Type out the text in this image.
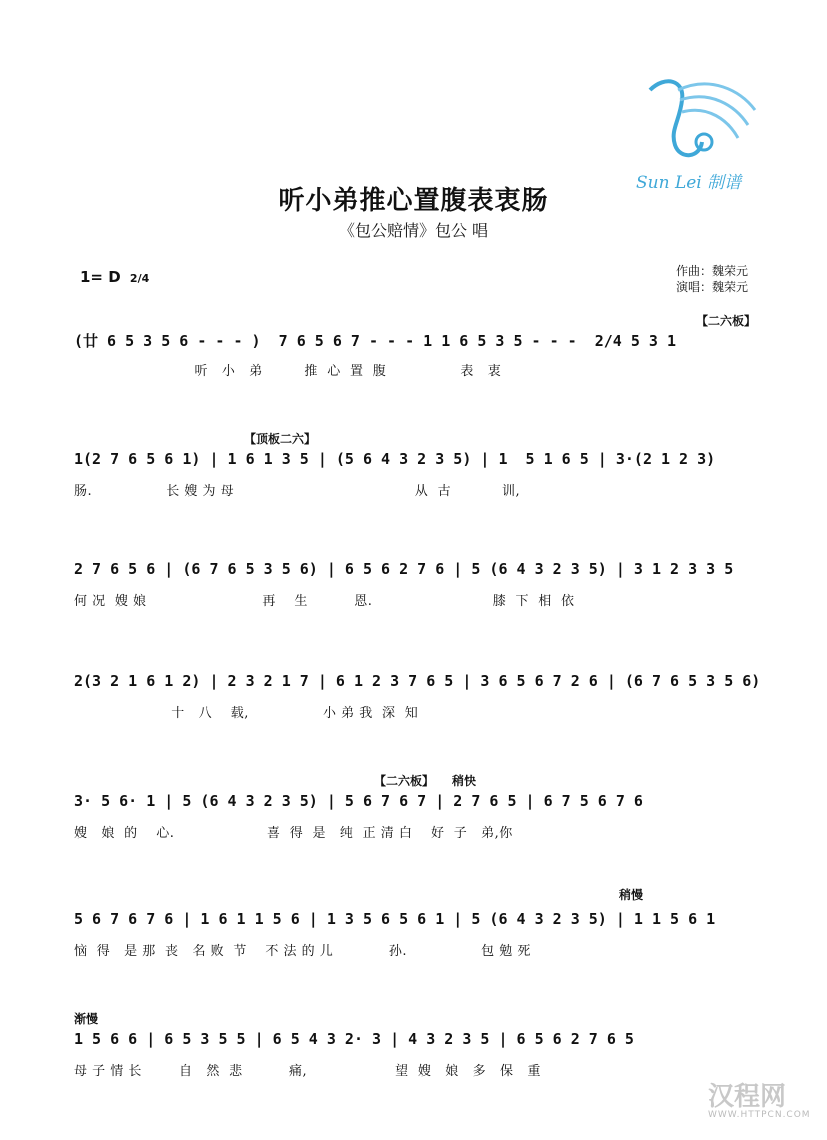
Sun Lei 制谱
听小弟推心置腹表衷肠
《包公赔情》包公 唱
1= D 2/4
作曲：魏荣元
演唱：魏荣元
【二六板】
(廿 6 5 3 5 6 - - - )  7 6 5 6 7 - - - 1 1 6 5 3 5 - - -  2/4 5 3 1
听   小   弟         推  心  置  腹                表   衷
【顶板二六】
1(2 7 6 5 6 1) | 1 6 1 3 5 | (5 6 4 3 2 3 5) | 1  5 1 6 5 | 3·(2 1 2 3)
肠.                长 嫂 为 母                                       从  古           训,
2 7 6 5 6 | (6 7 6 5 3 5 6) | 6 5 6 2 7 6 | 5 (6 4 3 2 3 5) | 3 1 2 3 3 5
何 况  嫂 娘                         再    生          恩.                          膝  下  相  依
2(3 2 1 6 1 2) | 2 3 2 1 7 | 6 1 2 3 7 6 5 | 3 6 5 6 7 2 6 | (6 7 6 5 3 5 6)
十   八    载,                小 弟 我  深  知
【二六板】 稍快
3· 5 6· 1 | 5 (6 4 3 2 3 5) | 5 6 7 6 7 | 2 7 6 5 | 6 7 5 6 7 6
嫂   娘  的    心.                    喜  得  是   纯  正 清 白    好  子   弟,你
稍慢
5 6 7 6 7 6 | 1 6 1 1 5 6 | 1 3 5 6 5 6 1 | 5 (6 4 3 2 3 5) | 1 1 5 6 1
恼  得   是 那  丧   名 败  节    不 法 的 儿            孙.                包 勉 死
渐慢
1 5 6 6 | 6 5 3 5 5 | 6 5 4 3 2· 3 | 4 3 2 3 5 | 6 5 6 2 7 6 5
母 子 情 长        自   然  悲          痛,                   望  嫂   娘   多   保   重
汉程网
WWW.HTTPCN.COM
